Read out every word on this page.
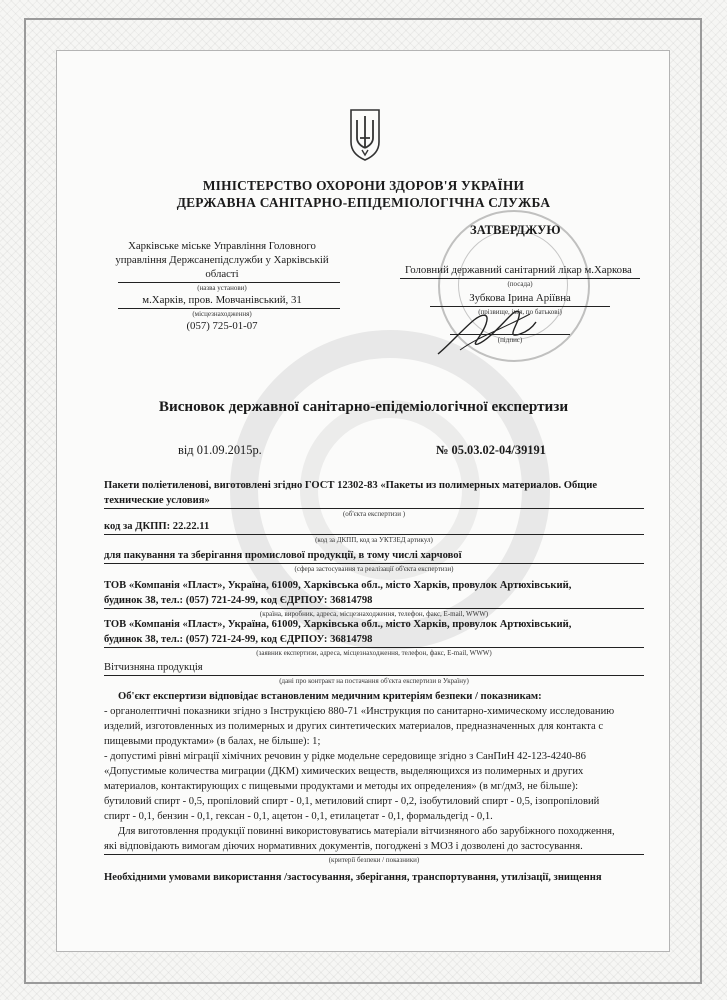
МІНІСТЕРСТВО ОХОРОНИ ЗДОРОВ'Я УКРАЇНИ
ДЕРЖАВНА САНІТАРНО-ЕПІДЕМІОЛОГІЧНА СЛУЖБА
ЗАТВЕРДЖУЮ
Харківське міське Управління Головного
управління Держсанепідслужби у Харківській
області
(назва установи)
м.Харків, пров. Мовчанівський, 31
(місцезнаходження)
(057) 725-01-07
Головний державний санітарний лікар м.Харкова
(посада)
Зубкова Ірина Аріївна
(прізвище, ім'я, по батькові)
(підпис)
Висновок державної санітарно-епідеміологічної експертизи
від 01.09.2015р.	№ 05.03.02-04/39191
Пакети поліетиленові, виготовлені згідно ГОСТ 12302-83 «Пакеты из полимерных материалов. Общие
технические условия»
(об'єкта експертизи )
код за ДКПП: 22.22.11
(код за ДКПП, код за УКТЗЕД артикул)
для пакування та зберігання промислової продукції, в тому числі харчової
(сфера застосування та реалізації об'єкта експертизи)
ТОВ «Компанія «Пласт», Україна, 61009, Харківська обл., місто Харків, провулок Артюхівський,
будинок 38, тел.: (057) 721-24-99, код ЄДРПОУ: 36814798
(країна, виробник, адреса, місцезнаходження, телефон, факс, E-mail, WWW)
ТОВ «Компанія «Пласт», Україна, 61009, Харківська обл., місто Харків, провулок Артюхівський,
будинок 38, тел.: (057) 721-24-99, код ЄДРПОУ: 36814798
(заявник експертизи, адреса, місцезнаходження, телефон, факс, E-mail, WWW)
Вітчизняна продукція
(дані про контракт на постачання об'єкта експертизи в Україну)
Об'єкт експертизи відповідає встановленим медичним критеріям безпеки / показникам:
- органолептичні показники згідно з Інструкцією 880-71 «Инструкция по санитарно-химическому исследованию
изделий, изготовленных из полимерных и других синтетических материалов, предназначенных для контакта с
пищевыми продуктами» (в балах, не більше): 1;
- допустимі рівні міграції хімічних речовин у рідке модельне середовище згідно з СанПиН 42-123-4240-86
«Допустимые количества миграции (ДКМ) химических веществ, выделяющихся из полимерных и других
материалов, контактирующих с пищевыми продуктами и методы их определения» (в мг/дм3, не більше):
бутиловий спирт - 0,5, пропіловий спирт - 0,1, метиловий спирт - 0,2, ізобутиловий спирт - 0,5, ізопропіловий
спирт - 0,1, бензин - 0,1, гексан - 0,1, ацетон - 0,1, етилацетат - 0,1, формальдегід - 0,1.
Для виготовлення продукції повинні використовуватись матеріали вітчизняного або зарубіжного походження,
які відповідають вимогам діючих нормативних документів, погоджені з МОЗ і дозволені до застосування.
(критерії безпеки / показники)
Необхідними умовами використання /застосування, зберігання, транспортування, утилізації, знищення
